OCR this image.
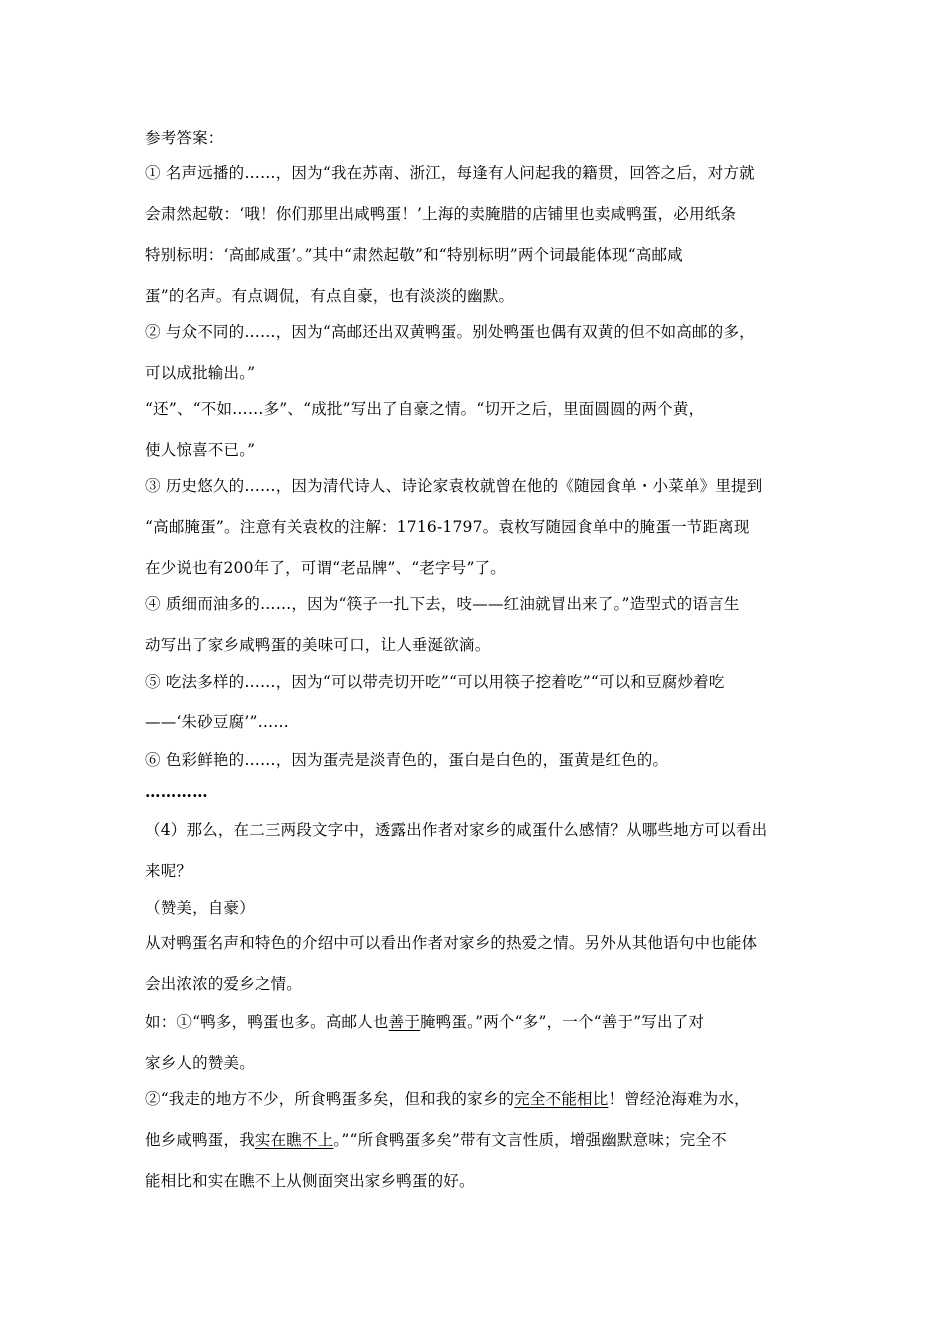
参考答案：
① 名声远播的……，因为“我在苏南、浙江，每逢有人问起我的籍贯，回答之后，对方就
会肃然起敬：‘哦！你们那里出咸鸭蛋！’上海的卖腌腊的店铺里也卖咸鸭蛋，必用纸条
特别标明：‘高邮咸蛋’。”其中“肃然起敬”和“特别标明”两个词最能体现“高邮咸
蛋”的名声。有点调侃，有点自豪，也有淡淡的幽默。
② 与众不同的……，因为“高邮还出双黄鸭蛋。别处鸭蛋也偶有双黄的但不如高邮的多，
可以成批输出。”
“还”、“不如……多”、“成批”写出了自豪之情。“切开之后，里面圆圆的两个黄，
使人惊喜不已。”
③ 历史悠久的……，因为清代诗人、诗论家袁枚就曾在他的《随园食单・小菜单》里提到
“高邮腌蛋”。注意有关袁枚的注解：1716-1797。袁枚写随园食单中的腌蛋一节距离现
在少说也有200年了，可谓“老品牌”、“老字号”了。
④ 质细而油多的……，因为“筷子一扎下去，吱——红油就冒出来了。”造型式的语言生
动写出了家乡咸鸭蛋的美味可口，让人垂涎欲滴。
⑤ 吃法多样的……，因为“可以带壳切开吃”“可以用筷子挖着吃”“可以和豆腐炒着吃
——‘朱砂豆腐’”……
⑥ 色彩鲜艳的……，因为蛋壳是淡青色的，蛋白是白色的，蛋黄是红色的。
…………
（4）那么，在二三两段文字中，透露出作者对家乡的咸蛋什么感情？从哪些地方可以看出
来呢？
（赞美，自豪）
从对鸭蛋名声和特色的介绍中可以看出作者对家乡的热爱之情。另外从其他语句中也能体
会出浓浓的爱乡之情。
如：①“鸭多，鸭蛋也多。高邮人也善于腌鸭蛋。”两个“多”，一个“善于”写出了对
家乡人的赞美。
②“我走的地方不少，所食鸭蛋多矣，但和我的家乡的完全不能相比！曾经沧海难为水，
他乡咸鸭蛋，我实在瞧不上。”“所食鸭蛋多矣”带有文言性质，增强幽默意味；完全不
能相比和实在瞧不上从侧面突出家乡鸭蛋的好。
